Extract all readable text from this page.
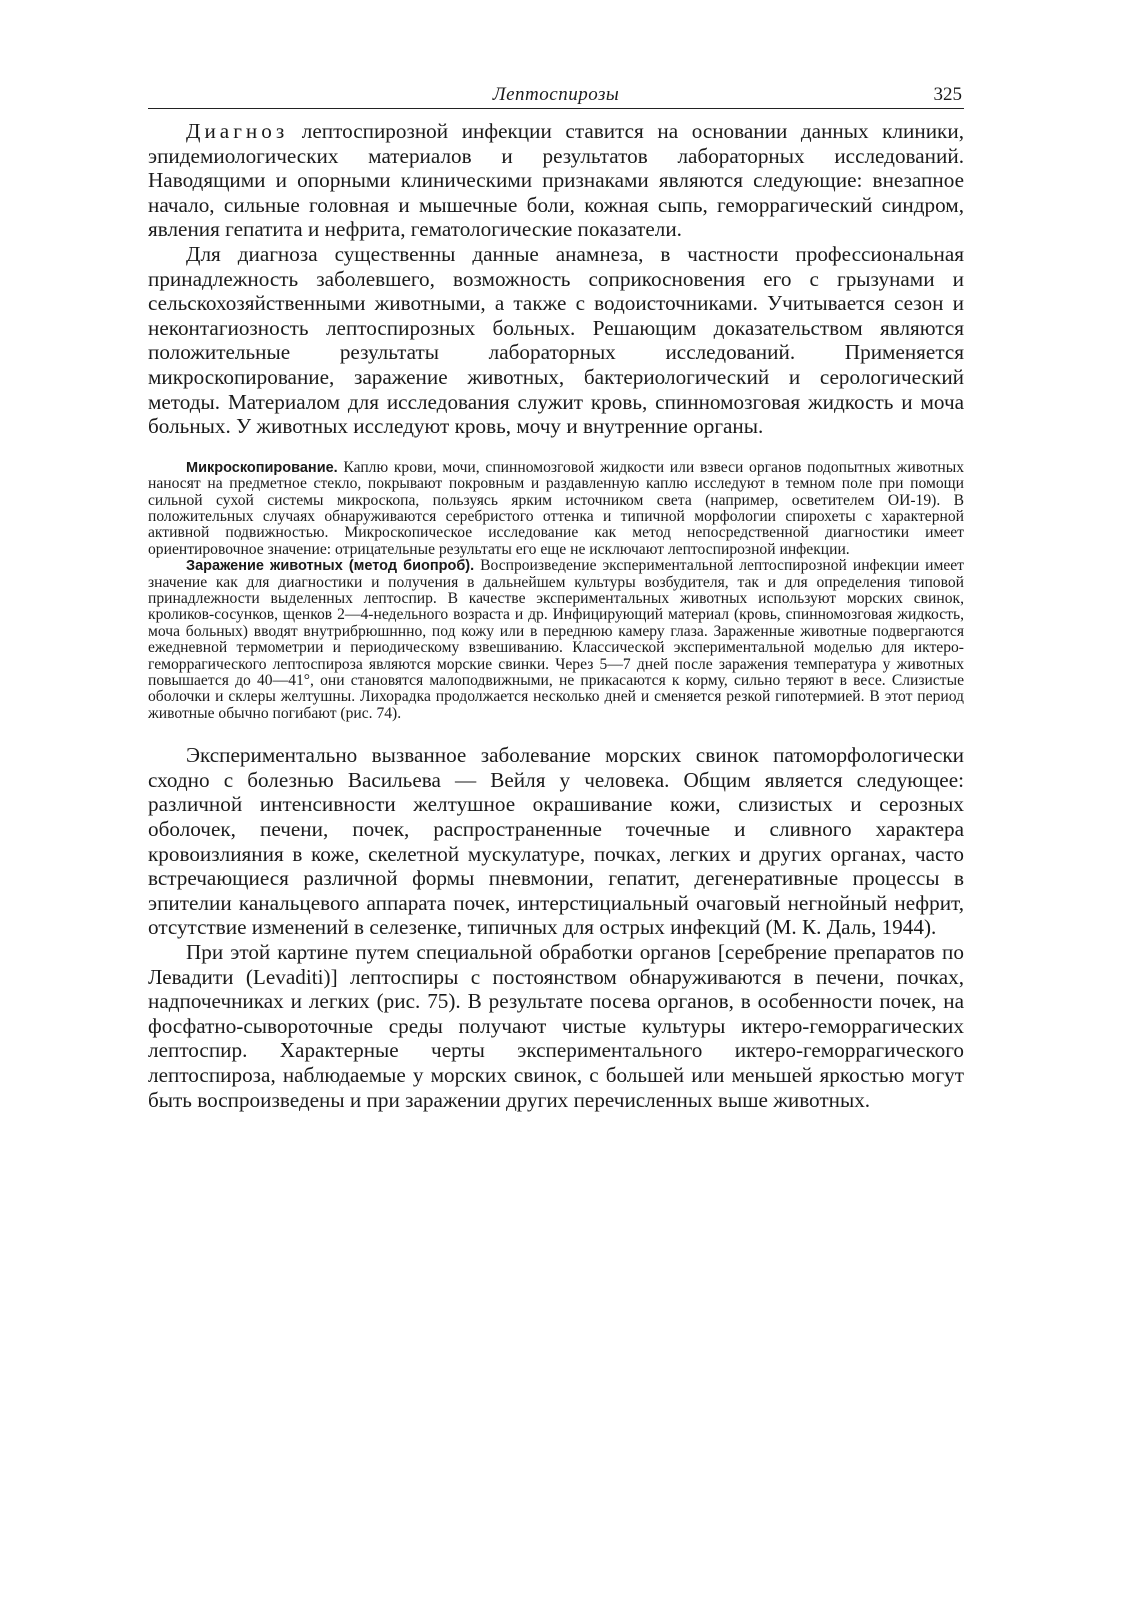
Лептоспирозы	325

Диагноз лептоспирозной инфекции ставится на основании данных клиники, эпидемиологических материалов и результатов лабораторных исследований. Наводящими и опорными клиническими признаками являются следующие: внезапное начало, сильные головная и мышечные боли, кожная сыпь, геморрагический синдром, явления гепатита и нефрита, гематологические показатели.

Для диагноза существенны данные анамнеза, в частности профессиональная принадлежность заболевшего, возможность соприкосновения его с грызунами и сельскохозяйственными животными, а также с водоисточниками. Учитывается сезон и неконтагиозность лептоспирозных больных. Решающим доказательством являются положительные результаты лабораторных исследований. Применяется микроскопирование, заражение животных, бактериологический и серологический методы. Материалом для исследования служит кровь, спинномозговая жидкость и моча больных. У животных исследуют кровь, мочу и внутренние органы.

Микроскопирование. Каплю крови, мочи, спинномозговой жидкости или взвеси органов подопытных животных наносят на предметное стекло, покрывают покровным и раздавленную каплю исследуют в темном поле при помощи сильной сухой системы микроскопа, пользуясь ярким источником света (например, осветителем ОИ-19). В положительных случаях обнаруживаются серебристого оттенка и типичной морфологии спирохеты с характерной активной подвижностью. Микроскопическое исследование как метод непосредственной диагностики имеет ориентировочное значение: отрицательные результаты его еще не исключают лептоспирозной инфекции.

Заражение животных (метод биопроб). Воспроизведение экспериментальной лептоспирозной инфекции имеет значение как для диагностики и получения в дальнейшем культуры возбудителя, так и для определения типовой принадлежности выделенных лептоспир. В качестве экспериментальных животных используют морских свинок, кроликов-сосунков, щенков 2—4-недельного возраста и др. Инфицирующий материал (кровь, спинномозговая жидкость, моча больных) вводят внутрибрюшннно, под кожу или в переднюю камеру глаза. Зараженные животные подвергаются ежедневной термометрии и периодическому взвешиванию. Классической экспериментальной моделью для иктеро-геморрагического лептоспироза являются морские свинки. Через 5—7 дней после заражения температура у животных повышается до 40—41°, они становятся малоподвижными, не прикасаются к корму, сильно теряют в весе. Слизистые оболочки и склеры желтушны. Лихорадка продолжается несколько дней и сменяется резкой гипотермией. В этот период животные обычно погибают (рис. 74).

Экспериментально вызванное заболевание морских свинок патоморфологически сходно с болезнью Васильева — Вейля у человека. Общим является следующее: различной интенсивности желтушное окрашивание кожи, слизистых и серозных оболочек, печени, почек, распространенные точечные и сливного характера кровоизлияния в коже, скелетной мускулатуре, почках, легких и других органах, часто встречающиеся различной формы пневмонии, гепатит, дегенеративные процессы в эпителии канальцевого аппарата почек, интерстициальный очаговый негнойный нефрит, отсутствие изменений в селезенке, типичных для острых инфекций (М. К. Даль, 1944).

При этой картине путем специальной обработки органов [серебрение препаратов по Левадити (Levaditi)] лептоспиры с постоянством обнаруживаются в печени, почках, надпочечниках и легких (рис. 75). В результате посева органов, в особенности почек, на фосфатно-сывороточные среды получают чистые культуры иктеро-геморрагических лептоспир. Характерные черты экспериментального иктеро-геморрагического лептоспироза, наблюдаемые у морских свинок, с большей или меньшей яркостью могут быть воспроизведены и при заражении других перечисленных выше животных.
